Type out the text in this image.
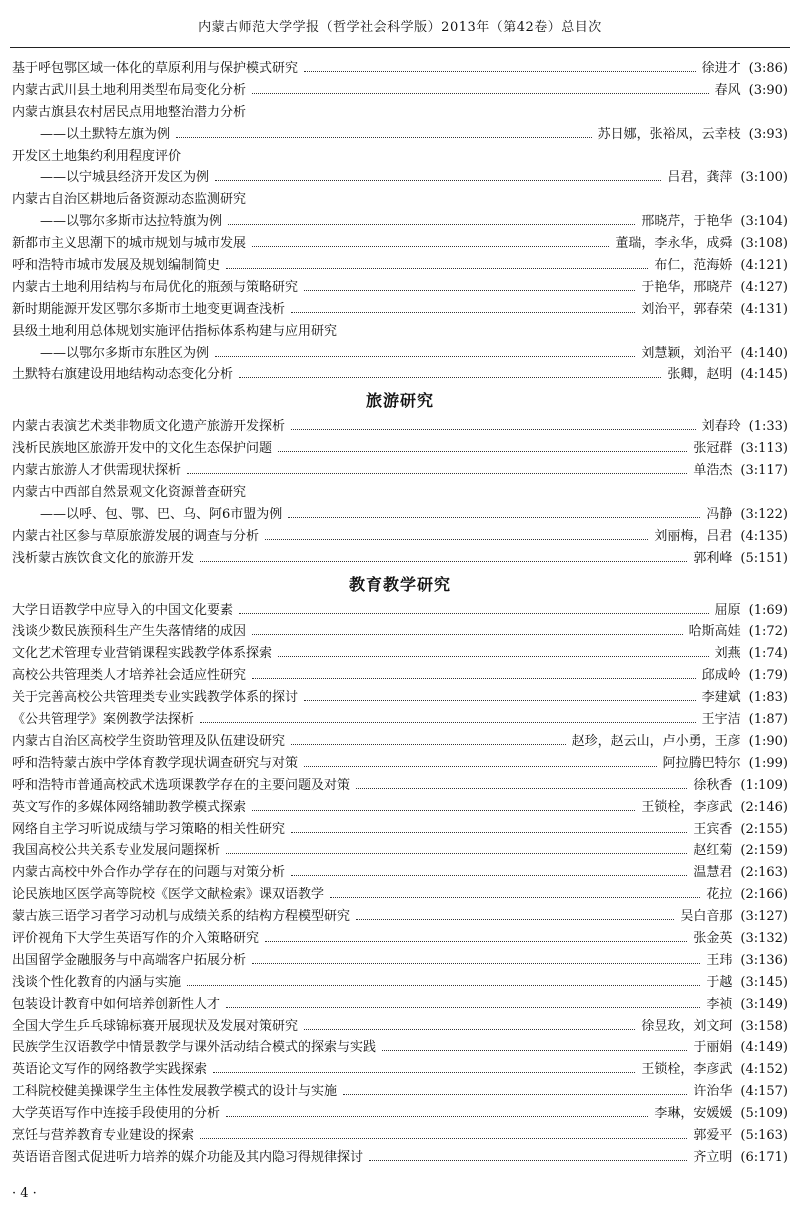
内蒙古师范大学学报（哲学社会科学版）2013年（第42卷）总目次
基于呼包鄂区域一体化的草原利用与保护模式研究	徐进才 (3:86)
内蒙古武川县土地利用类型布局变化分析	春风 (3:90)
内蒙古旗县农村居民点用地整治潜力分析
——以土默特左旗为例	苏日娜，张裕凤，云幸枝 (3:93)
开发区土地集约利用程度评价
——以宁城县经济开发区为例	吕君，龚萍 (3:100)
内蒙古自治区耕地后备资源动态监测研究
——以鄂尔多斯市达拉特旗为例	邢晓芹，于艳华 (3:104)
新都市主义思潮下的城市规划与城市发展	董瑞，李永华，成舜 (3:108)
呼和浩特市城市发展及规划编制简史	布仁，范海娇 (4:121)
内蒙古土地利用结构与布局优化的瓶颈与策略研究	于艳华，邢晓芹 (4:127)
新时期能源开发区鄂尔多斯市土地变更调查浅析	刘治平，郭春荣 (4:131)
县级土地利用总体规划实施评估指标体系构建与应用研究
——以鄂尔多斯市东胜区为例	刘慧颖，刘治平 (4:140)
土默特右旗建设用地结构动态变化分析	张卿，赵明 (4:145)
旅游研究
内蒙古表演艺术类非物质文化遗产旅游开发探析	刘春玲 (1:33)
浅析民族地区旅游开发中的文化生态保护问题	张冠群 (3:113)
内蒙古旅游人才供需现状探析	单浩杰 (3:117)
内蒙古中西部自然景观文化资源普查研究
——以呼、包、鄂、巴、乌、阿6市盟为例	冯静 (3:122)
内蒙古社区参与草原旅游发展的调查与分析	刘丽梅，吕君 (4:135)
浅析蒙古族饮食文化的旅游开发	郭利峰 (5:151)
教育教学研究
大学日语教学中应导入的中国文化要素	屈原 (1:69)
浅谈少数民族预科生产生失落情绪的成因	哈斯高娃 (1:72)
文化艺术管理专业营销课程实践教学体系探索	刘燕 (1:74)
高校公共管理类人才培养社会适应性研究	邱成岭 (1:79)
关于完善高校公共管理类专业实践教学体系的探讨	李建斌 (1:83)
《公共管理学》案例教学法探析	王宇洁 (1:87)
内蒙古自治区高校学生资助管理及队伍建设研究	赵珍，赵云山，卢小勇，王彦 (1:90)
呼和浩特蒙古族中学体育教学现状调查研究与对策	阿拉腾巴特尔 (1:99)
呼和浩特市普通高校武术选项课教学存在的主要问题及对策	徐秋香 (1:109)
英文写作的多媒体网络辅助教学模式探索	王锁栓，李彦武 (2:146)
网络自主学习听说成绩与学习策略的相关性研究	王宾香 (2:155)
我国高校公共关系专业发展问题探析	赵红菊 (2:159)
内蒙古高校中外合作办学存在的问题与对策分析	温慧君 (2:163)
论民族地区医学高等院校《医学文献检索》课双语教学	花拉 (2:166)
蒙古族三语学习者学习动机与成绩关系的结构方程模型研究	吴白音那 (3:127)
评价视角下大学生英语写作的介入策略研究	张金英 (3:132)
出国留学金融服务与中高端客户拓展分析	王玮 (3:136)
浅谈个性化教育的内涵与实施	于越 (3:145)
包装设计教育中如何培养创新性人才	李祯 (3:149)
全国大学生乒乓球锦标赛开展现状及发展对策研究	徐昱玫，刘文珂 (3:158)
民族学生汉语教学中情景教学与课外活动结合模式的探索与实践	于丽娟 (4:149)
英语论文写作的网络教学实践探索	王锁栓，李彦武 (4:152)
工科院校健美操课学生主体性发展教学模式的设计与实施	许治华 (4:157)
大学英语写作中连接手段使用的分析	李琳，安媛媛 (5:109)
烹饪与营养教育专业建设的探索	郭爱平 (5:163)
英语语音图式促进听力培养的媒介功能及其内隐习得规律探讨	齐立明 (6:171)
· 4 ·
